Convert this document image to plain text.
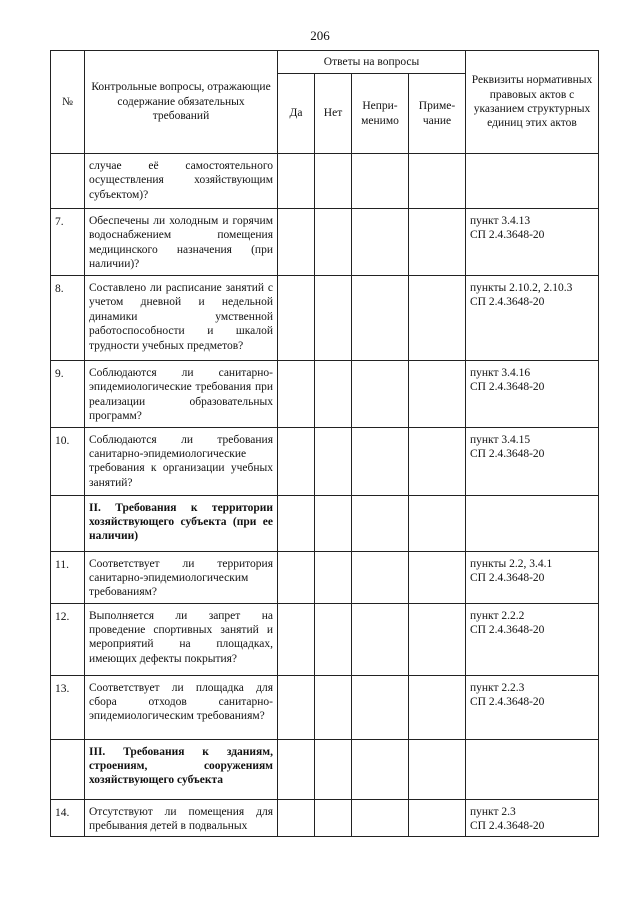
206
№	Контрольные вопросы, отражающие содержание обязательных требований	Ответы на вопросы				Реквизиты нормативных правовых актов с указанием структурных единиц этих актов
		Да	Нет	Непри-менимо	Приме-чание	
	случае её самостоятельного осуществления хозяйствующим субъектом)?					
7.	Обеспечены ли холодным и горячим водоснабжением помещения медицинского назначения (при наличии)?					пункт 3.4.13
СП 2.4.3648-20

8.	Составлено ли расписание занятий с учетом дневной и недельной динамики умственной работоспособности и шкалой трудности учебных предметов?					пункты 2.10.2, 2.10.3
СП 2.4.3648-20

9.	Соблюдаются ли санитарно-эпидемиологические требования при реализации образовательных программ?					пункт 3.4.16
СП 2.4.3648-20

10.	Соблюдаются ли требования санитарно-эпидемиологические требования к организации учебных занятий?					пункт 3.4.15
СП 2.4.3648-20

	II. Требования к территории хозяйствующего субъекта (при ее наличии)					
11.	Соответствует ли территория санитарно-эпидемиологическим требованиям?					пункты 2.2, 3.4.1
СП 2.4.3648-20

12.	Выполняется ли запрет на проведение спортивных занятий и мероприятий на площадках, имеющих дефекты покрытия?					пункт 2.2.2
СП 2.4.3648-20

13.	Соответствует ли площадка для сбора отходов санитарно-эпидемиологическим требованиям?					пункт 2.2.3
СП 2.4.3648-20

	III. Требования к зданиям, строениям, сооружениям хозяйствующего субъекта					
14.	Отсутствуют ли помещения для пребывания детей в подвальных					пункт 2.3
СП 2.4.3648-20
